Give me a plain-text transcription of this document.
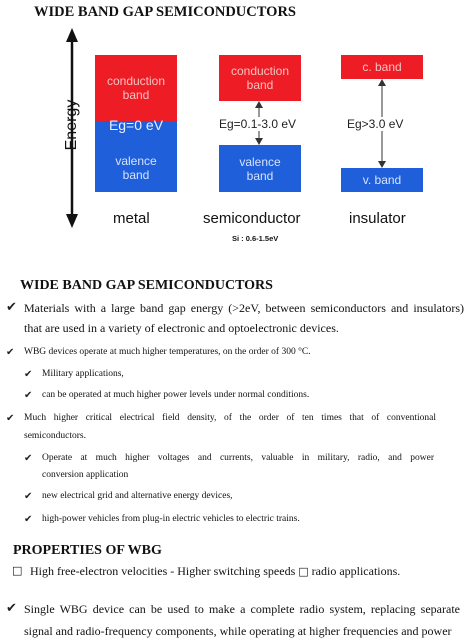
WIDE BAND GAP SEMICONDUCTORS
Energy
conduction band
valence band
Eg=0 eV
metal
conduction band
Eg=0.1-3.0 eV
valence band
semiconductor
Si : 0.6-1.5eV
c. band
Eg>3.0 eV
v. band
insulator
WIDE BAND GAP SEMICONDUCTORS
✔ Materials with a large band gap energy (>2eV, between semiconductors and insulators)
that are used in a variety of electronic and optoelectronic devices.
✔ WBG devices operate at much higher temperatures, on the order of 300 °C.
✔ Military applications,
✔ can be operated at much higher power levels under normal conditions.
✔ Much higher critical electrical field density, of the order of ten times that of conventional
semiconductors.
✔ Operate at much higher voltages and currents, valuable in military, radio, and power
conversion application
✔ new electrical grid and alternative energy devices,
✔ high-power vehicles from plug-in electric vehicles to electric trains.
PROPERTIES OF WBG
□ High free-electron velocities - Higher switching speeds □ radio applications.
✔ Single WBG device can be used to make a complete radio system, replacing separate
signal and radio-frequency components, while operating at higher frequencies and power
